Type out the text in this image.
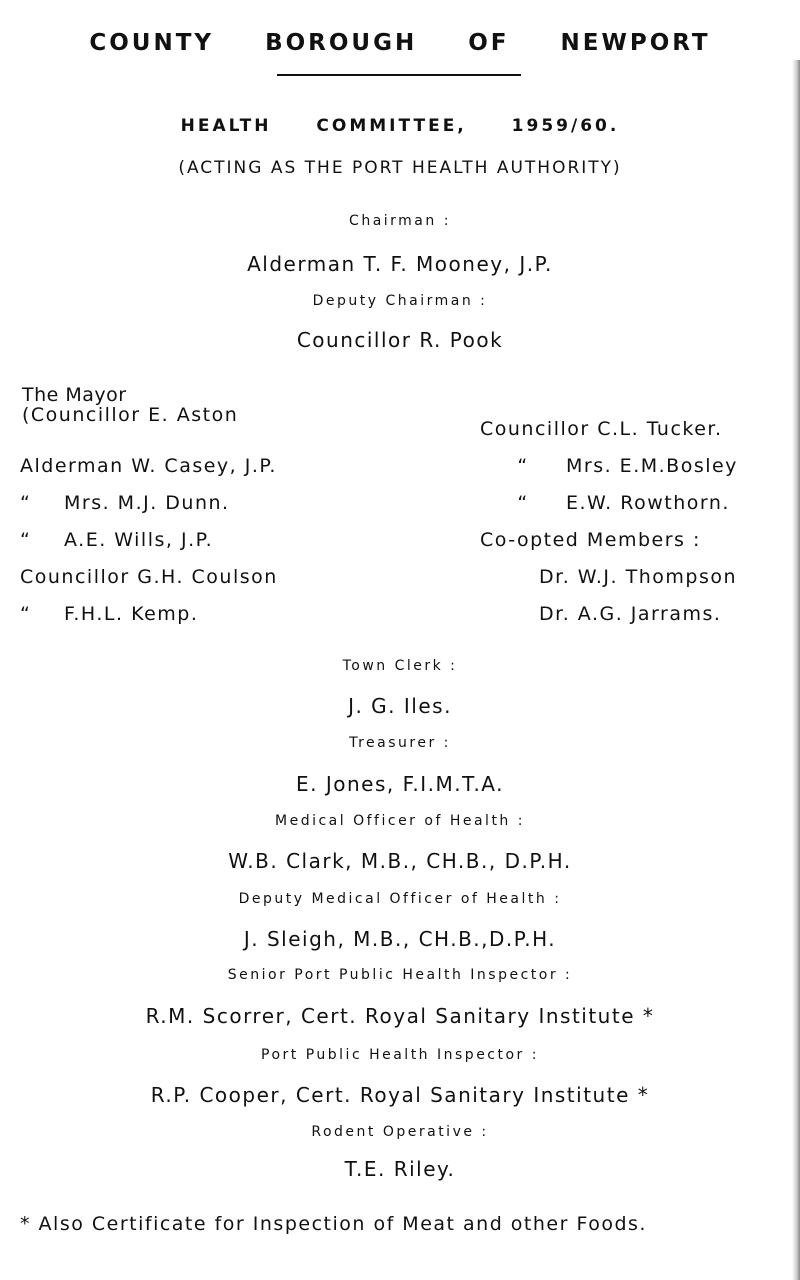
COUNTY BOROUGH OF NEWPORT
HEALTH COMMITTEE, 1959/60.
(ACTING AS THE PORT HEALTH AUTHORITY)
Chairman :
Alderman T. F. Mooney, J.P.
Deputy Chairman :
Councillor R. Pook
The Mayor
(Councillor E. Aston
Alderman W. Casey, J.P.
“ Mrs. M.J. Dunn.
“ A.E. Wills, J.P.
Councillor G.H. Coulson
“ F.H.L. Kemp.
Councillor C.L. Tucker.
“ Mrs. E.M.Bosley
“ E.W. Rowthorn.
Co-opted Members :
Dr. W.J. Thompson
Dr. A.G. Jarrams.
Town Clerk :
J. G. Iles.
Treasurer :
E. Jones, F.I.M.T.A.
Medical Officer of Health :
W.B. Clark, M.B., CH.B., D.P.H.
Deputy Medical Officer of Health :
J. Sleigh, M.B., CH.B.,D.P.H.
Senior Port Public Health Inspector :
R.M. Scorrer, Cert. Royal Sanitary Institute *
Port Public Health Inspector :
R.P. Cooper, Cert. Royal Sanitary Institute *
Rodent Operative :
T.E. Riley.
* Also Certificate for Inspection of Meat and other Foods.
